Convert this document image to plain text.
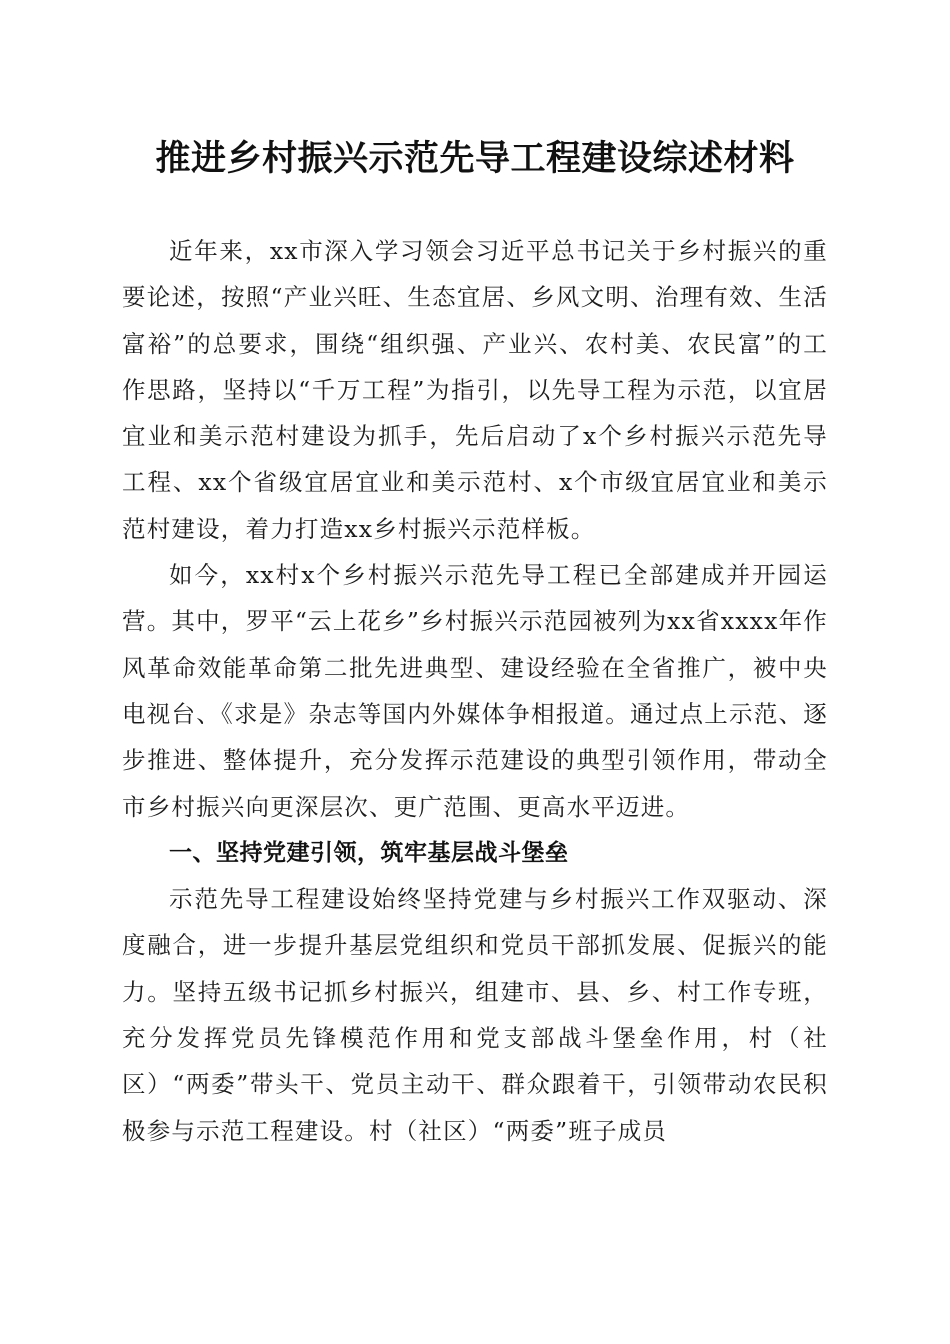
推进乡村振兴示范先导工程建设综述材料

近年来，xx市深入学习领会习近平总书记关于乡村振兴的重要论述，按照“产业兴旺、生态宜居、乡风文明、治理有效、生活富裕”的总要求，围绕“组织强、产业兴、农村美、农民富”的工作思路，坚持以“千万工程”为指引，以先导工程为示范，以宜居宜业和美示范村建设为抓手，先后启动了x个乡村振兴示范先导工程、xx个省级宜居宜业和美示范村、x个市级宜居宜业和美示范村建设，着力打造xx乡村振兴示范样板。

如今，xx村x个乡村振兴示范先导工程已全部建成并开园运营。其中，罗平“云上花乡”乡村振兴示范园被列为xx省xxxx年作风革命效能革命第二批先进典型、建设经验在全省推广，被中央电视台、《求是》杂志等国内外媒体争相报道。通过点上示范、逐步推进、整体提升，充分发挥示范建设的典型引领作用，带动全市乡村振兴向更深层次、更广范围、更高水平迈进。

一、坚持党建引领，筑牢基层战斗堡垒

示范先导工程建设始终坚持党建与乡村振兴工作双驱动、深度融合，进一步提升基层党组织和党员干部抓发展、促振兴的能力。坚持五级书记抓乡村振兴，组建市、县、乡、村工作专班，充分发挥党员先锋模范作用和党支部战斗堡垒作用，村（社区）“两委”带头干、党员主动干、群众跟着干，引领带动农民积极参与示范工程建设。村（社区）“两委”班子成员
